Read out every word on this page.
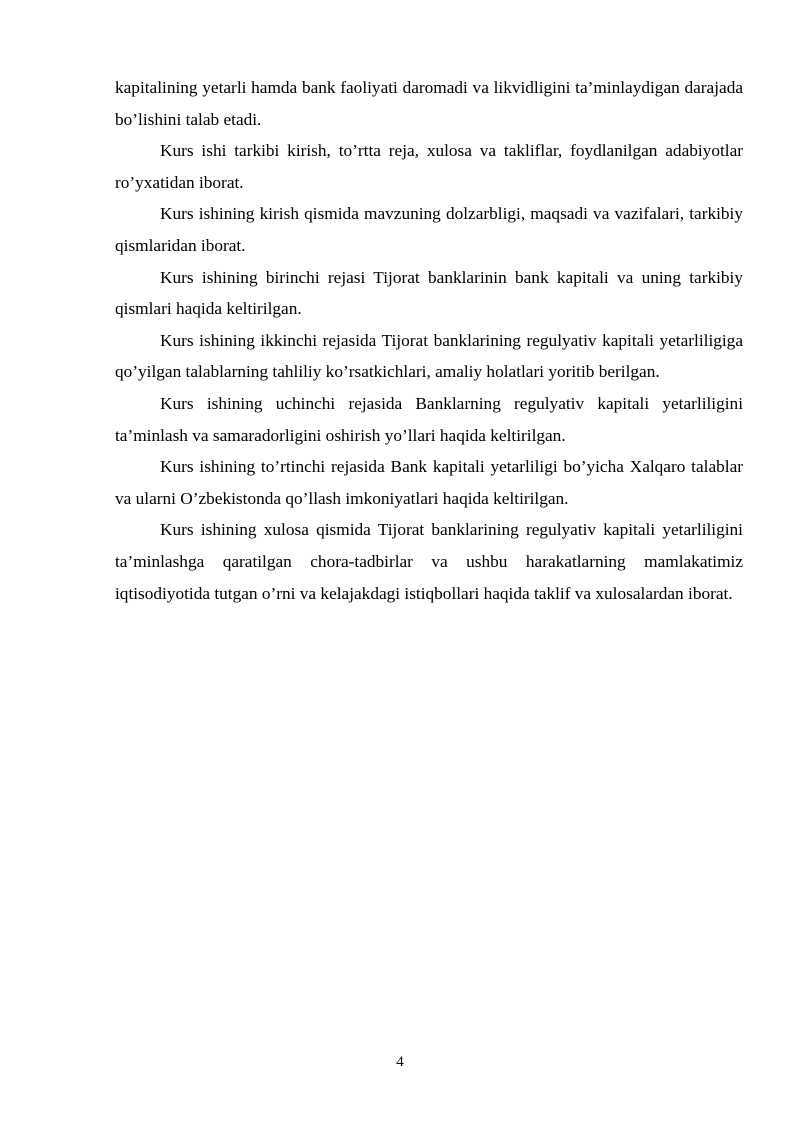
kapitalining yetarli hamda bank faoliyati daromadi va likvidligini ta’minlaydigan darajada bo’lishini talab etadi.

Kurs ishi tarkibi kirish, to’rtta reja, xulosa va takliflar, foydlanilgan adabiyotlar ro’yxatidan iborat.

Kurs ishining kirish qismida mavzuning dolzarbligi, maqsadi va vazifalari, tarkibiy qismlaridan iborat.

Kurs ishining birinchi rejasi Tijorat banklarinin bank kapitali va uning tarkibiy qismlari haqida keltirilgan.

Kurs ishining ikkinchi rejasida Tijorat banklarining regulyativ kapitali yetarliligiga qo’yilgan talablarning tahliliy ko’rsatkichlari, amaliy holatlari yoritib berilgan.

Kurs ishining uchinchi rejasida Banklarning regulyativ kapitali yetarliligini ta’minlash va samaradorligini oshirish yo’llari haqida keltirilgan.

Kurs ishining to’rtinchi rejasida Bank kapitali yetarliligi bo’yicha Xalqaro talablar va ularni O’zbekistonda qo’llash imkoniyatlari haqida keltirilgan.

Kurs ishining xulosa qismida Tijorat banklarining regulyativ kapitali yetarliligini ta’minlashga qaratilgan chora-tadbirlar va ushbu harakatlarning mamlakatimiz iqtisodiyotida tutgan o’rni va kelajakdagi istiqbollari haqida taklif va xulosalardan iborat.

4
